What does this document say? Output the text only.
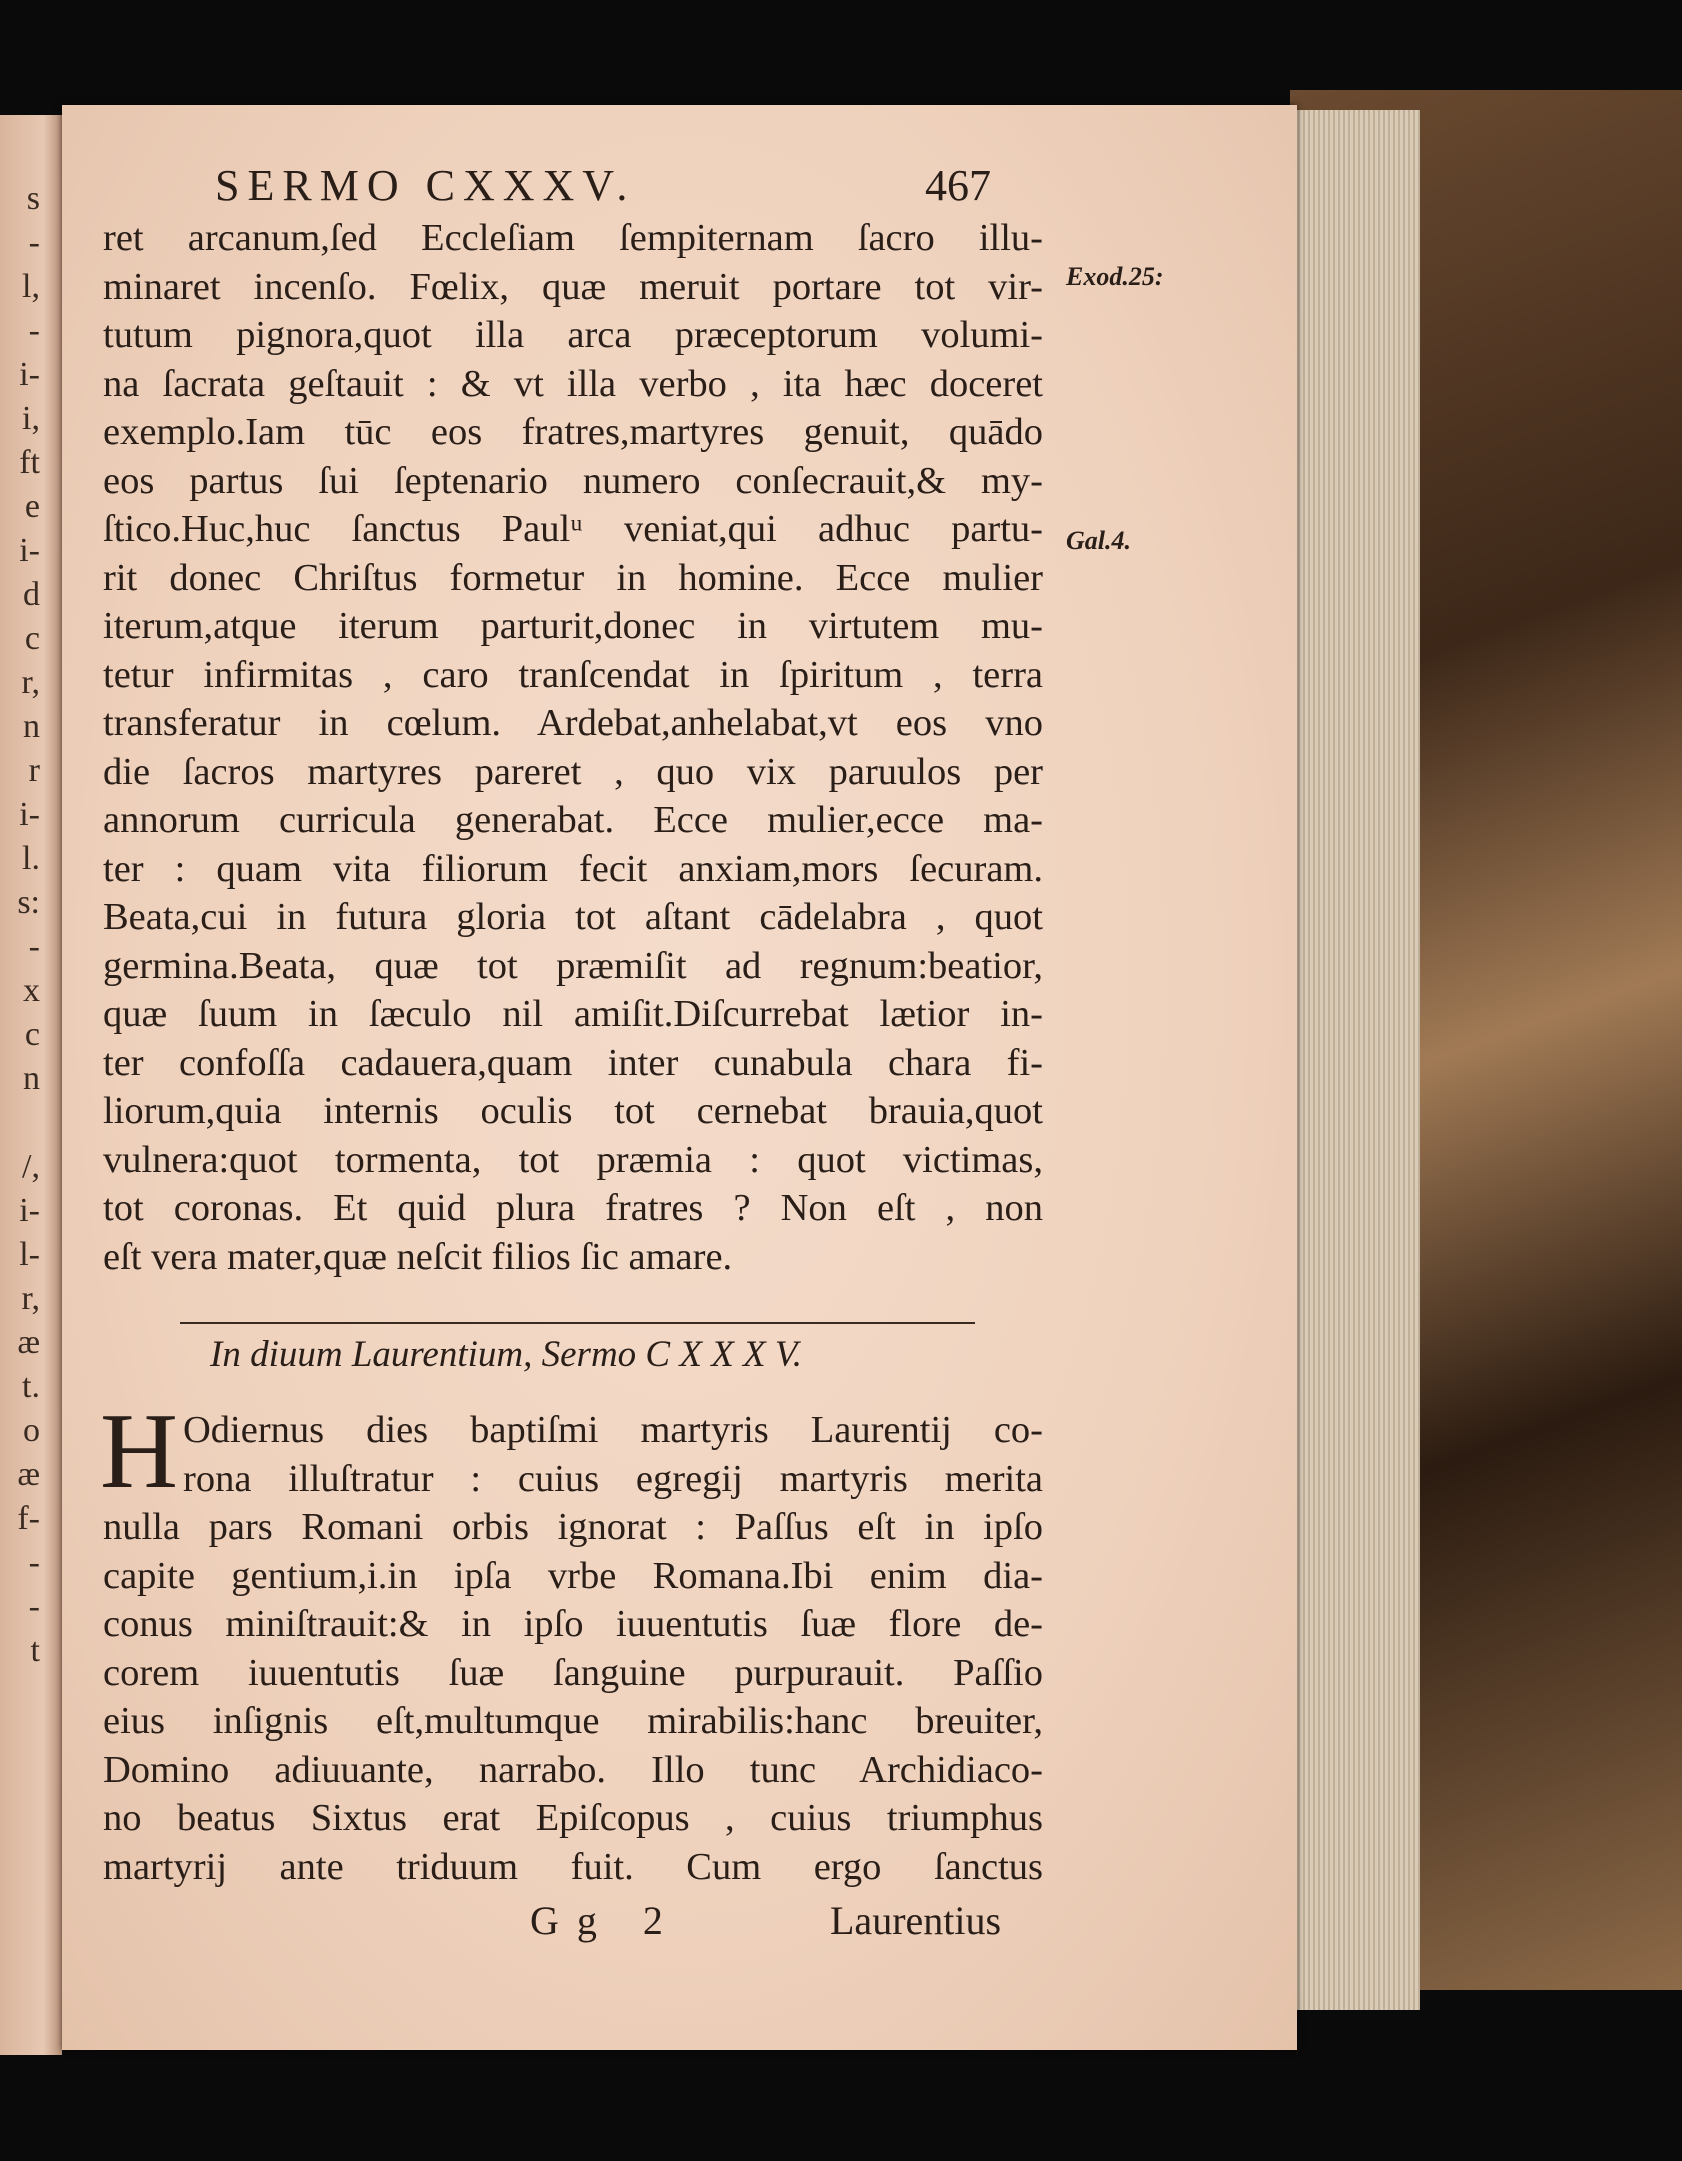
s
-
l,
-
i-
i,
ft
e
i-
d
c
r,
n
r
i-
l.
s:
-
x
c
n
/,
i-
l-
r,
æ
t.
o
æ
f-
-
-
t
SERMO CXXXV.	467
Exod.25:
Gal.4.
ret arcanum,ſed Eccleſiam ſempiternam ſacro illu-
minaret incenſo. Fœlix, quæ meruit portare tot vir-
tutum pignora,quot illa arca præceptorum volumi-
na ſacrata geſtauit : & vt illa verbo , ita hæc doceret
exemplo.Iam tūc eos fratres,martyres genuit, quādo
eos partus ſui ſeptenario numero conſecrauit,& my-
ſtico.Huc,huc ſanctus Paulᵘ veniat,qui adhuc partu-
rit donec Chriſtus formetur in homine. Ecce mulier
iterum,atque iterum parturit,donec in virtutem mu-
tetur infirmitas , caro tranſcendat in ſpiritum , terra
transferatur in cœlum. Ardebat,anhelabat,vt eos vno
die ſacros martyres pareret , quo vix paruulos per
annorum curricula generabat. Ecce mulier,ecce ma-
ter : quam vita filiorum fecit anxiam,mors ſecuram.
Beata,cui in futura gloria tot aſtant cādelabra , quot
germina.Beata, quæ tot præmiſit ad regnum:beatior,
quæ ſuum in ſæculo nil amiſit.Diſcurrebat lætior in-
ter confoſſa cadauera,quam inter cunabula chara fi-
liorum,quia internis oculis tot cernebat brauia,quot
vulnera:quot tormenta, tot præmia : quot victimas,
tot coronas. Et quid plura fratres ? Non eſt , non
eſt vera mater,quæ neſcit filios ſic amare.
In diuum Laurentium, Sermo C X X X V.
H Odiernus dies baptiſmi martyris Laurentij co-
rona illuſtratur : cuius egregij martyris merita
nulla pars Romani orbis ignorat : Paſſus eſt in ipſo
capite gentium,i.in ipſa vrbe Romana.Ibi enim dia-
conus miniſtrauit:& in ipſo iuuentutis ſuæ flore de-
corem iuuentutis ſuæ ſanguine purpurauit. Paſſio
eius inſignis eſt,multumque mirabilis:hanc breuiter,
Domino adiuuante, narrabo. Illo tunc Archidiaco-
no beatus Sixtus erat Epiſcopus , cuius triumphus
martyrij ante triduum fuit. Cum ergo ſanctus
Gg 2	Laurentius
